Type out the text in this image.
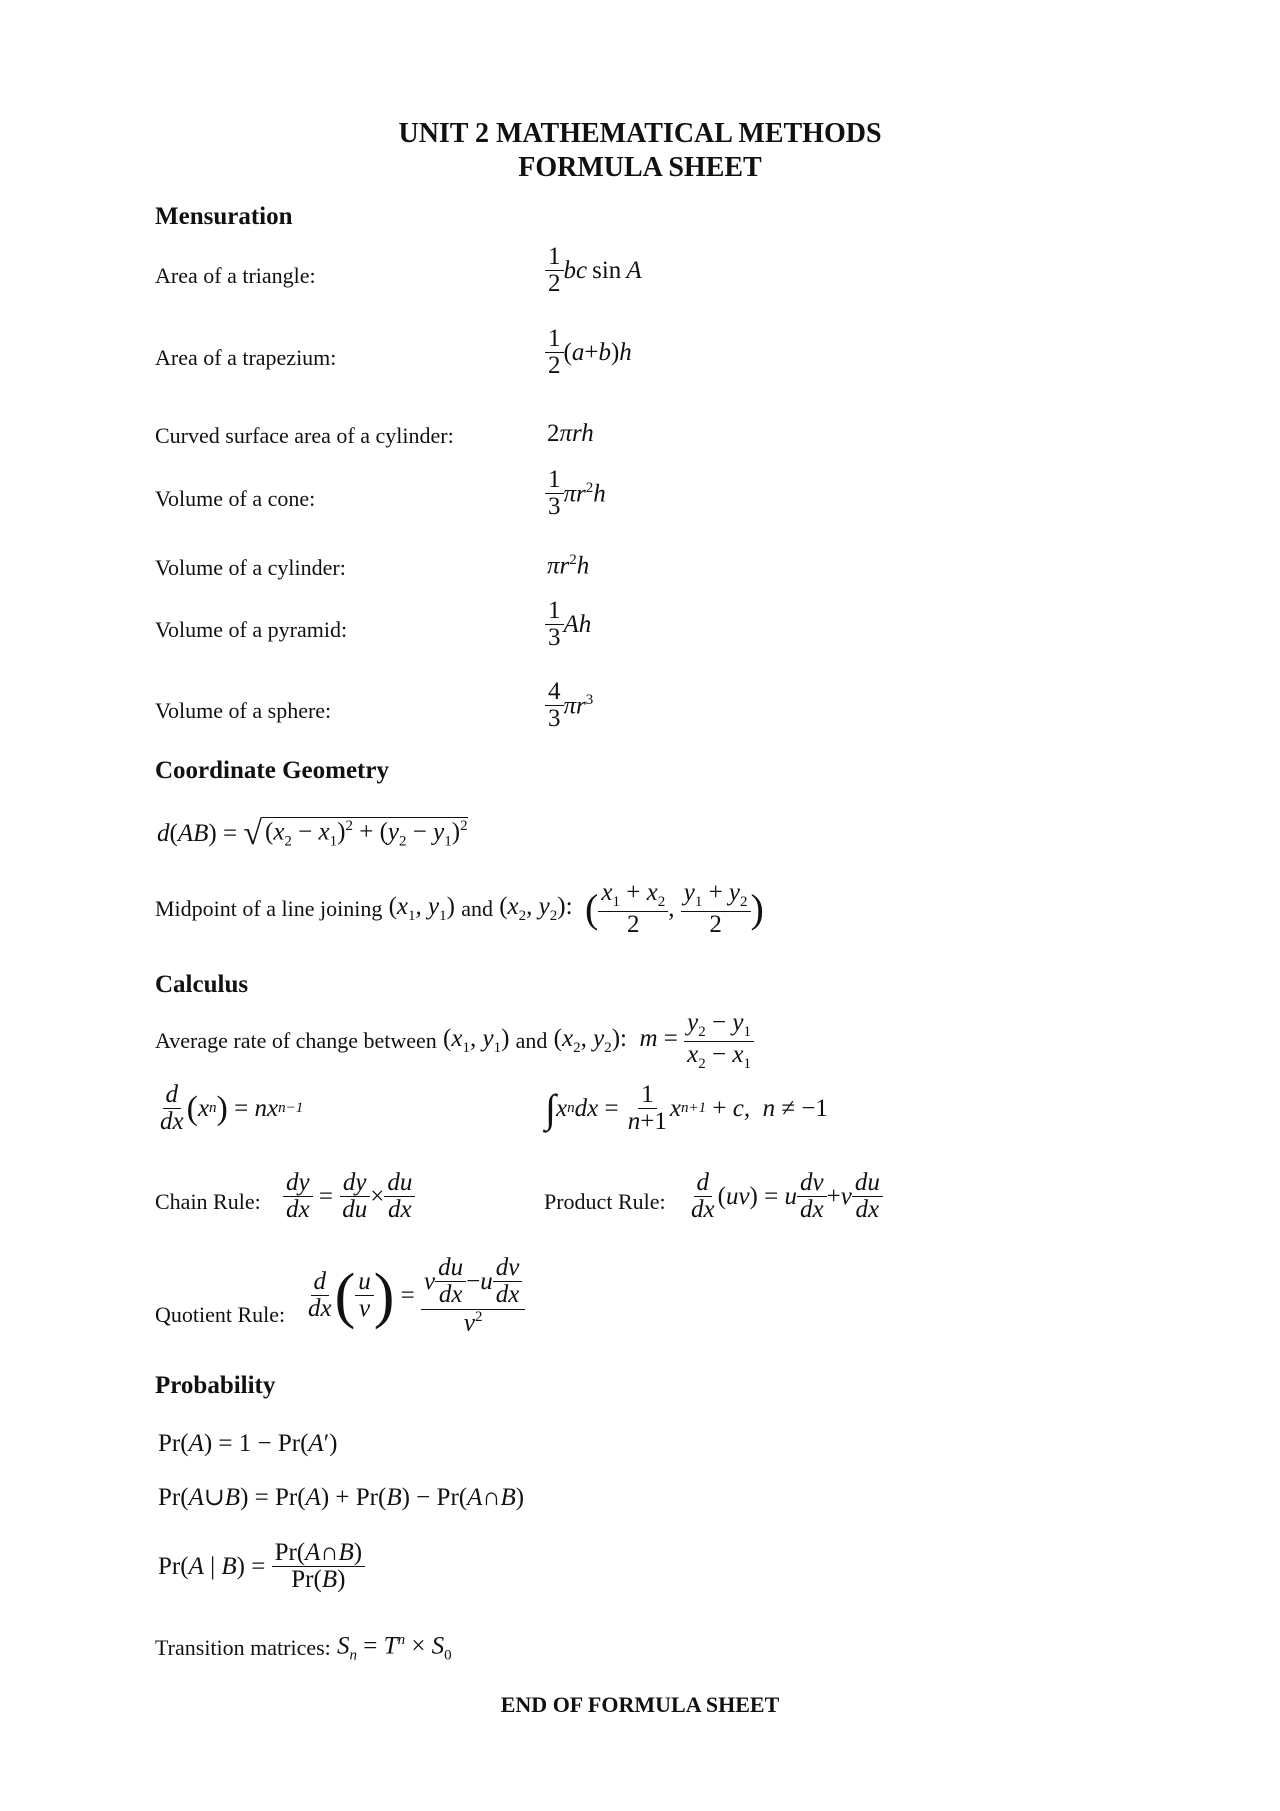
UNIT 2 MATHEMATICAL METHODS
FORMULA SHEET
Mensuration
Area of a triangle:	$\frac{1}{2}$ bc
  sin
  A
Area of a trapezium:	$\frac{1}{2}$ ( a + b ) h
Curved surface area of a cylinder:	2πrh
Volume of a cone:	$\frac{1}{3} \pi r^2h$
Volume of a cylinder:	$\pi r^2h$
Volume of a pyramid:	$\frac{1}{3}$ Ah
Volume of a sphere:	$\frac{4}{3} \pi r^3$
Coordinate Geometry
d ( AB ) = √ $(x_2 - x_1)^2 + (y_2 - y_1)^2$
Midpoint of a line joining ($x_1$, $y_1$) and ($x_2$, $y_2$): ( $\frac{x_1 + x_2}{2}$ , $\frac{y_1 + y_2}{2}$ )
Calculus
Average rate of change between ($x_1$, $y_1$) and ($x_2$, $y_2$):  $m = \frac{y_2 - y_1}{x_2 - x_1}$
$\frac{d}{dx}$ ( x n ) = nx n−1	∫ x n dx = $\frac{1}{n+1}$ x n+1 + c,  n ≠ −1
Chain Rule: $\frac{dy}{dx} = \frac{dy}{du} \times \frac{du}{dx}$	Product Rule: $\frac{d}{dx}$ ( uv ) = u $\frac{dv}{dx} + v \frac{du}{dx}$
Quotient Rule: $\frac{d}{dx}$ ( $\frac{u}{v}$ ) = $\frac{v \frac{du}{dx} - u \frac{dv}{dx}}{v^2}$
Probability
Pr(A) = 1 − Pr(A′)
Pr(A∪B) = Pr(A) + Pr(B) − Pr(A∩B)
Pr( A | B ) = $\frac{Pr(A\cap B)}{Pr(B)}$
Transition matrices: $S_n = T^n \times S_0$
END OF FORMULA SHEET
